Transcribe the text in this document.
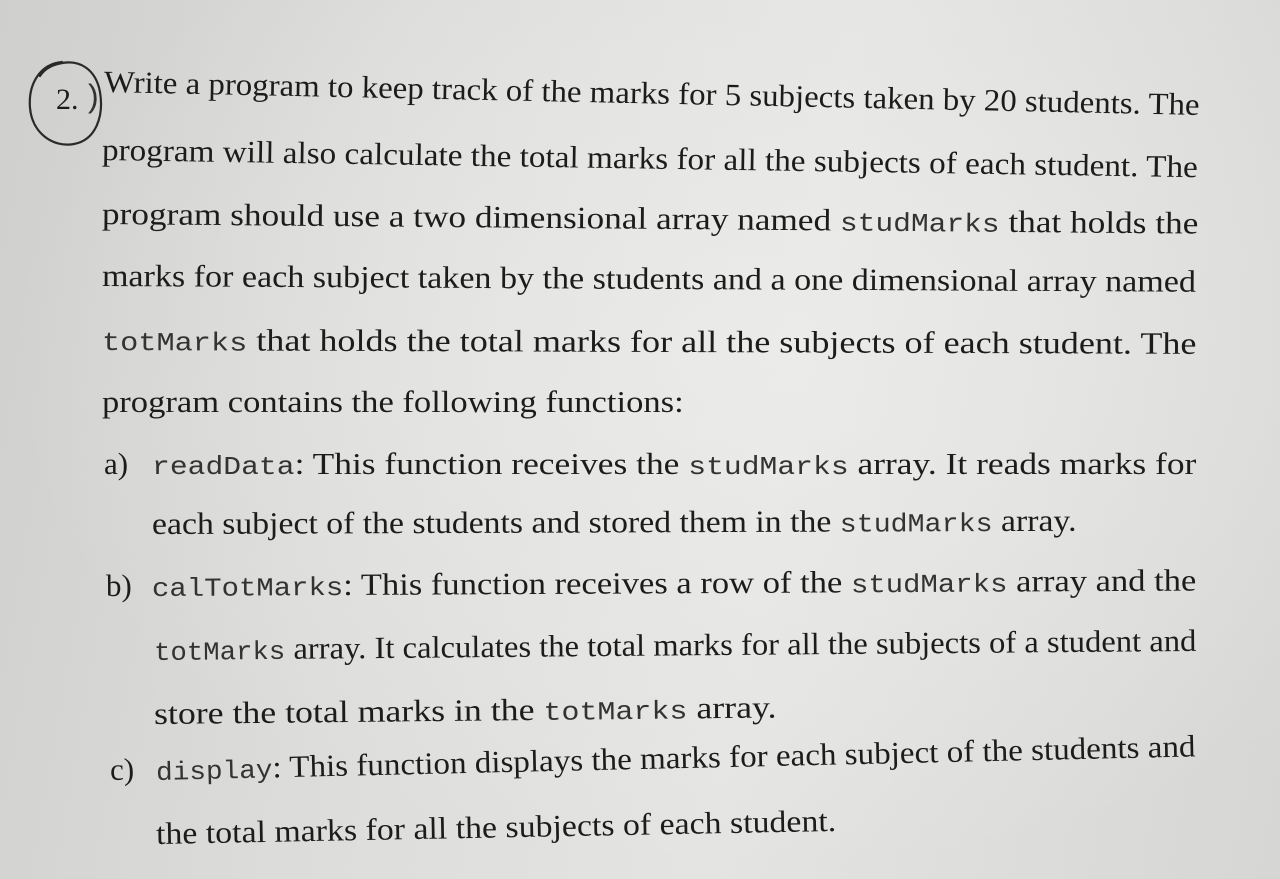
2. ) Write a program to keep track of the marks for 5 subjects taken by 20 students. The
program will also calculate the total marks for all the subjects of each student. The
program should use a two dimensional array named studMarks that holds the
marks for each subject taken by the students and a one dimensional array named
totMarks that holds the total marks for all the subjects of each student. The
program contains the following functions:
a) readData: This function receives the studMarks array. It reads marks for
each subject of the students and stored them in the studMarks array.
b) calTotMarks: This function receives a row of the studMarks array and the
totMarks array. It calculates the total marks for all the subjects of a student and
store the total marks in the totMarks array.
c) display: This function displays the marks for each subject of the students and
the total marks for all the subjects of each student.
